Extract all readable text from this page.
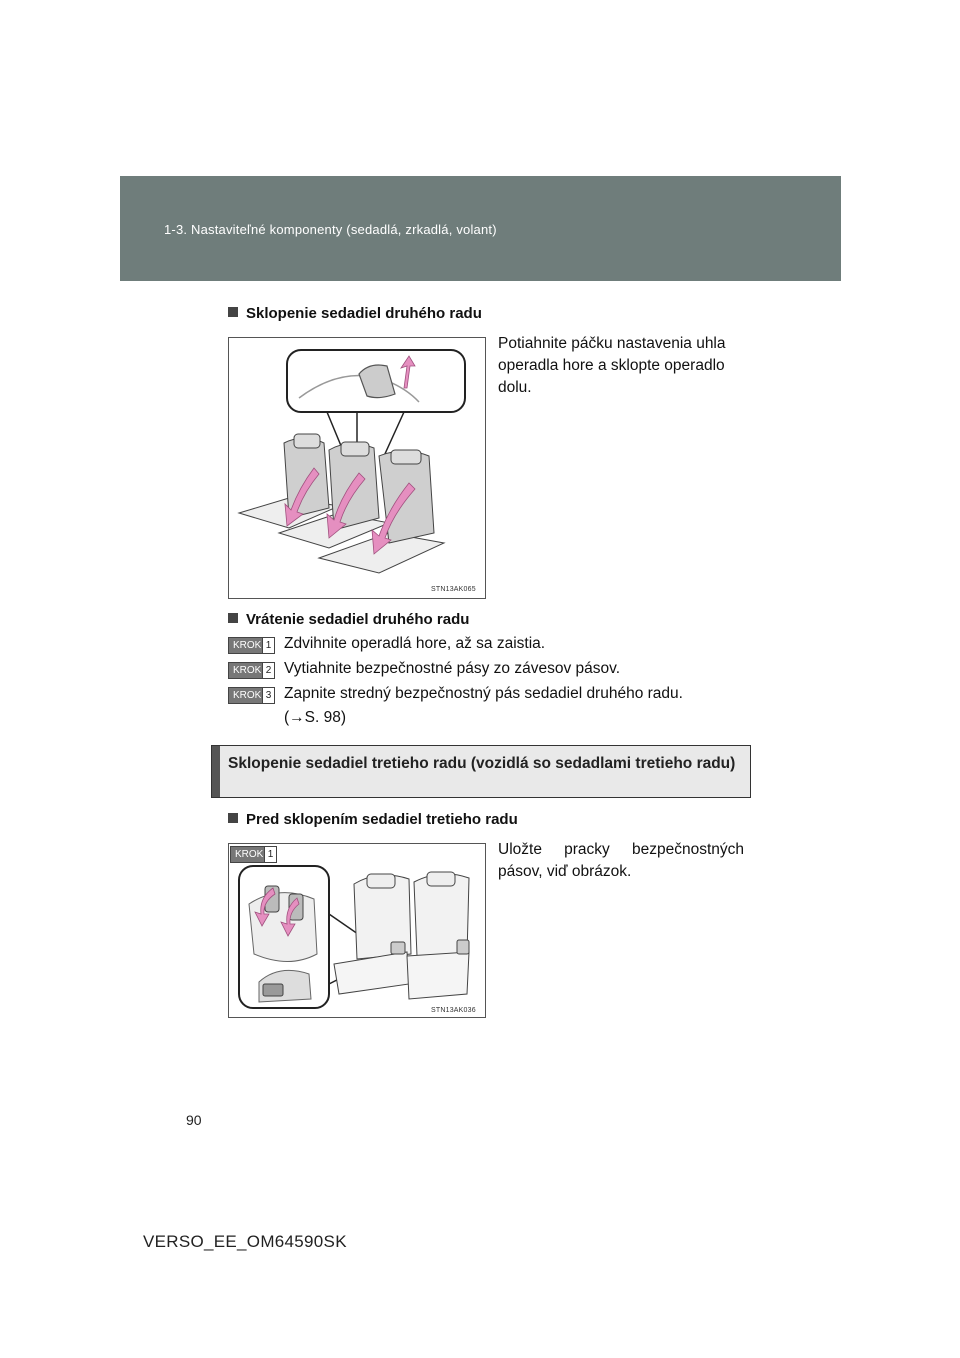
1-3. Nastaviteľné komponenty (sedadlá, zrkadlá, volant)
Sklopenie sedadiel druhého radu
STN13AK065
Potiahnite páčku nastavenia uhla operadla hore a sklopte operadlo dolu.
Vrátenie sedadiel druhého radu
KROK 1 Zdvihnite operadlá hore, až sa zaistia.
KROK 2 Vytiahnite bezpečnostné pásy zo závesov pásov.
KROK 3 Zapnite stredný bezpečnostný pás sedadiel druhého radu.
(→S. 98)
Sklopenie sedadiel tretieho radu (vozidlá so sedadlami tretieho radu)
Pred sklopením sedadiel tretieho radu
KROK 1
STN13AK036
Uložte pracky bezpečnostných pásov, viď obrázok.
90
VERSO_EE_OM64590SK
